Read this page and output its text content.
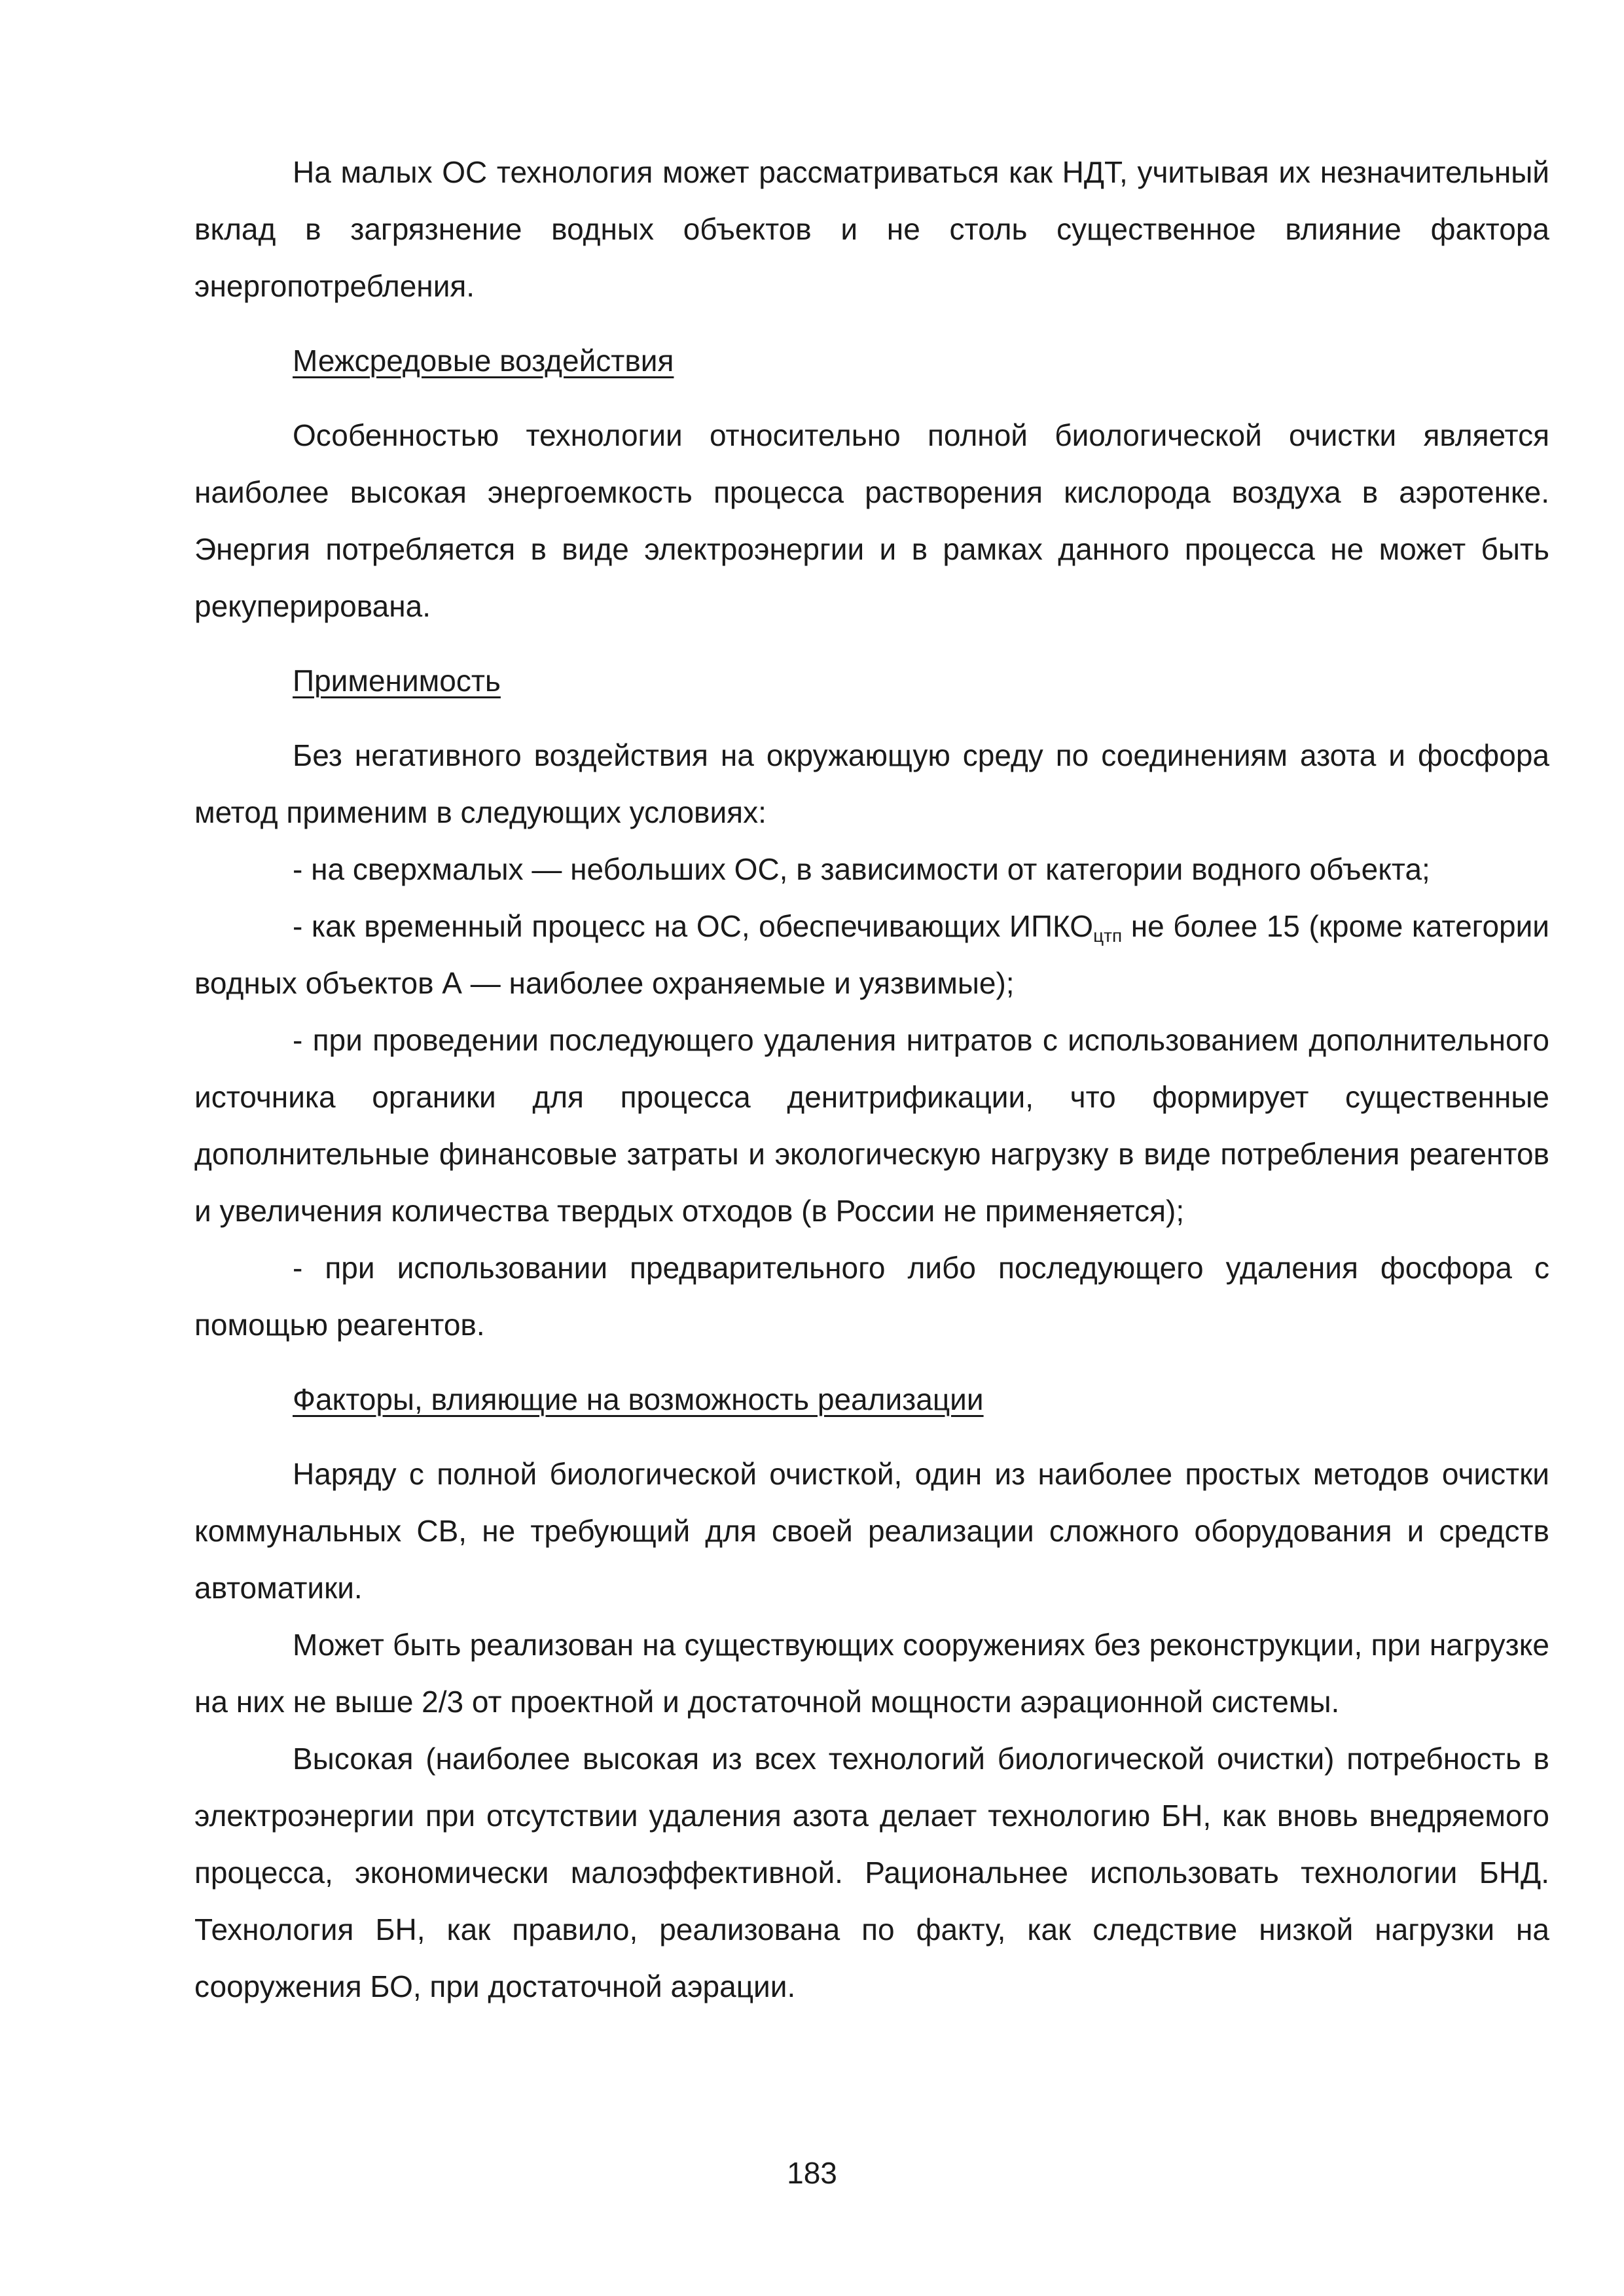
На малых ОС технология может рассматриваться как НДТ, учитывая их незначительный вклад в загрязнение водных объектов и не столь существенное влияние фактора энергопотребления.

Межсредовые воздействия

Особенностью технологии относительно полной биологической очистки является наиболее высокая энергоемкость процесса растворения кислорода воздуха в аэротенке. Энергия потребляется в виде электроэнергии и в рамках данного процесса не может быть рекуперирована.

Применимость

Без негативного воздействия на окружающую среду по соединениям азота и фосфора метод применим в следующих условиях:

- на сверхмалых — небольших ОС, в зависимости от категории водного объекта;

- как временный процесс на ОС, обеспечивающих $ИПКО_{цтп}$ не более 15 (кроме категории водных объектов А — наиболее охраняемые и уязвимые);

- при проведении последующего удаления нитратов с использованием дополнительного источника органики для процесса денитрификации, что формирует существенные дополнительные финансовые затраты и экологическую нагрузку в виде потребления реагентов и увеличения количества твердых отходов (в России не применяется);

- при использовании предварительного либо последующего удаления фосфора с помощью реагентов.

Факторы, влияющие на возможность реализации

Наряду с полной биологической очисткой, один из наиболее простых методов очистки коммунальных СВ, не требующий для своей реализации сложного оборудования и средств автоматики.

Может быть реализован на существующих сооружениях без реконструкции, при нагрузке на них не выше 2/3 от проектной и достаточной мощности аэрационной системы.

Высокая (наиболее высокая из всех технологий биологической очистки) потребность в электроэнергии при отсутствии удаления азота делает технологию БН, как вновь внедряемого процесса, экономически малоэффективной. Рациональнее использовать технологии БНД. Технология БН, как правило, реализована по факту, как следствие низкой нагрузки на сооружения БО, при достаточной аэрации.

183
